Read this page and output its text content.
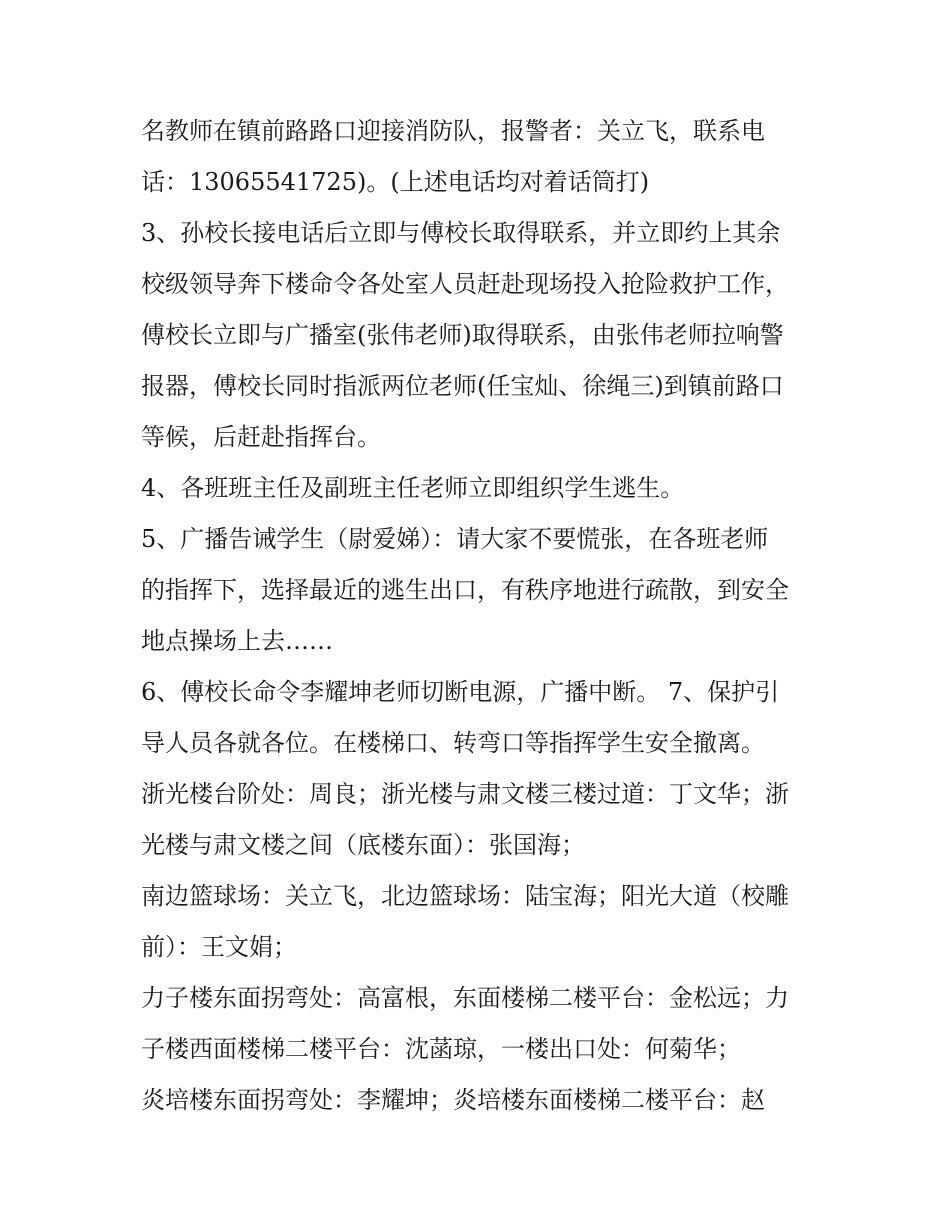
名教师在镇前路路口迎接消防队，报警者：关立飞，联系电
话：13065541725)。(上述电话均对着话筒打)
3、孙校长接电话后立即与傅校长取得联系，并立即约上其余
校级领导奔下楼命令各处室人员赶赴现场投入抢险救护工作，
傅校长立即与广播室(张伟老师)取得联系，由张伟老师拉响警
报器，傅校长同时指派两位老师(任宝灿、徐绳三)到镇前路口
等候，后赶赴指挥台。
4、各班班主任及副班主任老师立即组织学生逃生。
5、广播告诫学生（尉爱娣）：请大家不要慌张，在各班老师
的指挥下，选择最近的逃生出口，有秩序地进行疏散，到安全
地点操场上去……
6、傅校长命令李耀坤老师切断电源，广播中断。 7、保护引
导人员各就各位。在楼梯口、转弯口等指挥学生安全撤离。
浙光楼台阶处：周良；浙光楼与肃文楼三楼过道：丁文华；浙
光楼与肃文楼之间（底楼东面）：张国海；
南边篮球场：关立飞，北边篮球场：陆宝海；阳光大道（校雕
前）：王文娟；
力子楼东面拐弯处：高富根，东面楼梯二楼平台：金松远；力
子楼西面楼梯二楼平台：沈菡琼，一楼出口处：何菊华；
炎培楼东面拐弯处：李耀坤；炎培楼东面楼梯二楼平台：赵
